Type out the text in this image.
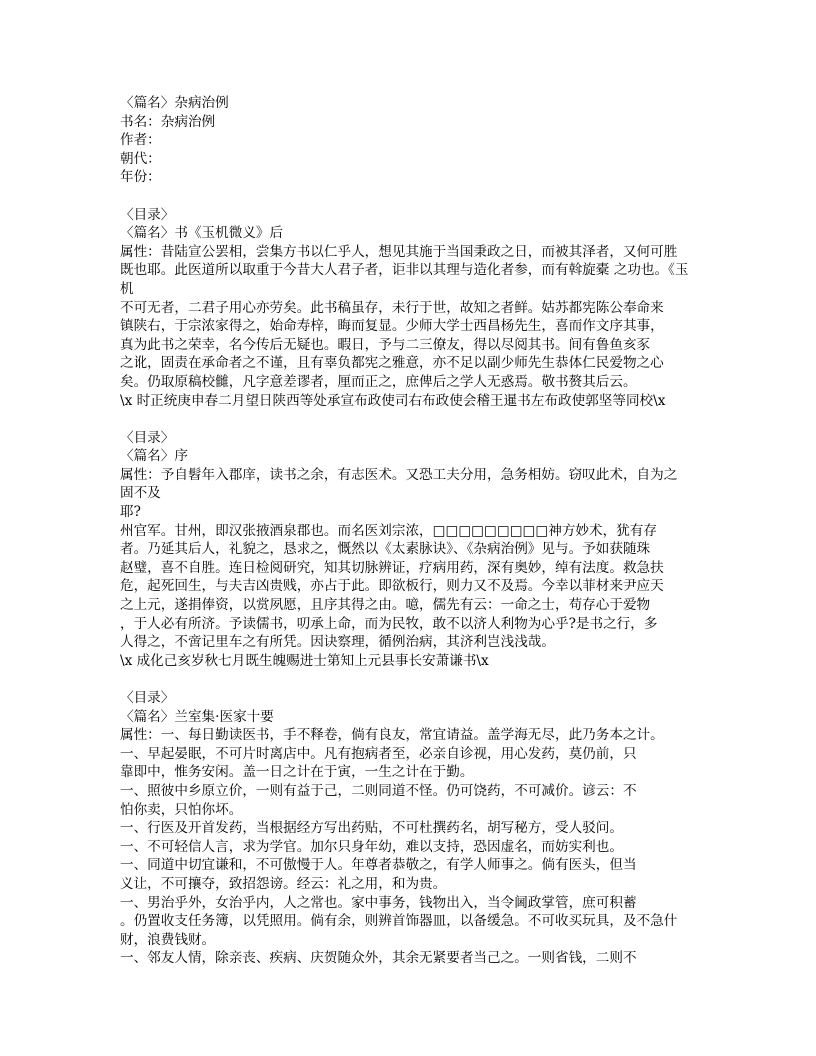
〈篇名〉杂病治例
书名：杂病治例
作者：
朝代：
年份：
〈目录〉
〈篇名〉书《玉机微义》后
属性：昔陆宣公罢相，尝集方书以仁乎人，想见其施于当国秉政之日，而被其泽者，又何可胜
既也耶。此医道所以取重于今昔大人君子者，讵非以其理与造化者参，而有斡旋橐 之功也。《玉
机
不可无者，二君子用心亦劳矣。此书稿虽存，未行于世，故知之者鲜。姑苏都宪陈公奉命来
镇陕右，于宗浓家得之，始命寿梓，晦而复显。少师大学士西昌杨先生，喜而作文序其事，
真为此书之荣幸，名今传后无疑也。暇日，予与二三僚友，得以尽阅其书。间有鲁鱼亥豕
之讹，固责在承命者之不谨，且有辜负都宪之雅意，亦不足以副少师先生恭体仁民爱物之心
矣。仍取原稿校雠，凡字意差谬者，厘而正之，庶俾后之学人无惑焉。敬书赘其后云。
\x 时正统庚申春二月望日陕西等处承宣布政使司右布政使会稽王暹书左布政使郭坚等同校\x
〈目录〉
〈篇名〉序
属性：予自髫年入郡庠，读书之余，有志医术。又恐工夫分用，急务相妨。窃叹此术，自为之
固不及
耶?
州官军。甘州，即汉张掖酒泉郡也。而名医刘宗浓，□□□□□□□□□神方妙术，犹有存
者。乃延其后人，礼貌之，恳求之，慨然以《太素脉诀》、《杂病治例》见与。予如获随珠
赵璧，喜不自胜。连日检阅研究，知其切脉辨证，疗病用药，深有奥妙，绰有法度。救急扶
危，起死回生，与夫吉凶贵贱，亦占于此。即欲板行，则力又不及焉。今幸以菲材来尹应天
之上元，遂捐俸资，以赏夙愿，且序其得之由。噫，儒先有云：一命之士，苟存心于爱物
，于人必有所济。予读儒书，叨承上命，而为民牧，敢不以济人利物为心乎?是书之行，多
人得之，不啻记里车之有所凭。因诀察理，循例治病，其济利岂浅浅哉。
\x 成化己亥岁秋七月既生魄赐进士第知上元县事长安萧谦书\x
〈目录〉
〈篇名〉兰室集·医家十要
属性：一、每日勤读医书，手不释卷，倘有良友，常宜请益。盖学海无尽，此乃务本之计。
一、早起晏眠，不可片时离店中。凡有抱病者至，必亲自诊视，用心发药，莫仍前，只
靠即中，惟务安闲。盖一日之计在于寅，一生之计在于勤。
一、照彼中乡原立价，一则有益于己，二则同道不怪。仍可饶药，不可减价。谚云：不
怕你卖，只怕你坏。
一、行医及开首发药，当根据经方写出药贴，不可杜撰药名，胡写秘方，受人驳问。
一、不可轻信人言，求为学官。加尔只身年幼，难以支持，恐因虚名，而妨实利也。
一、同道中切宜谦和，不可傲慢于人。年尊者恭敬之，有学人师事之。倘有医头，但当
义让，不可攘夺，致招怨谤。经云：礼之用，和为贵。
一、男治乎外，女治乎内，人之常也。家中事务，钱物出入，当令阃政掌管，庶可积蓄
。仍置收支任务簿，以凭照用。倘有余，则辨首饰器皿，以备缓急。不可收买玩具，及不急什
财，浪费钱财。
一、邻友人情，除亲丧、疾病、庆贺随众外，其余无紧要者当己之。一则省钱，二则不
